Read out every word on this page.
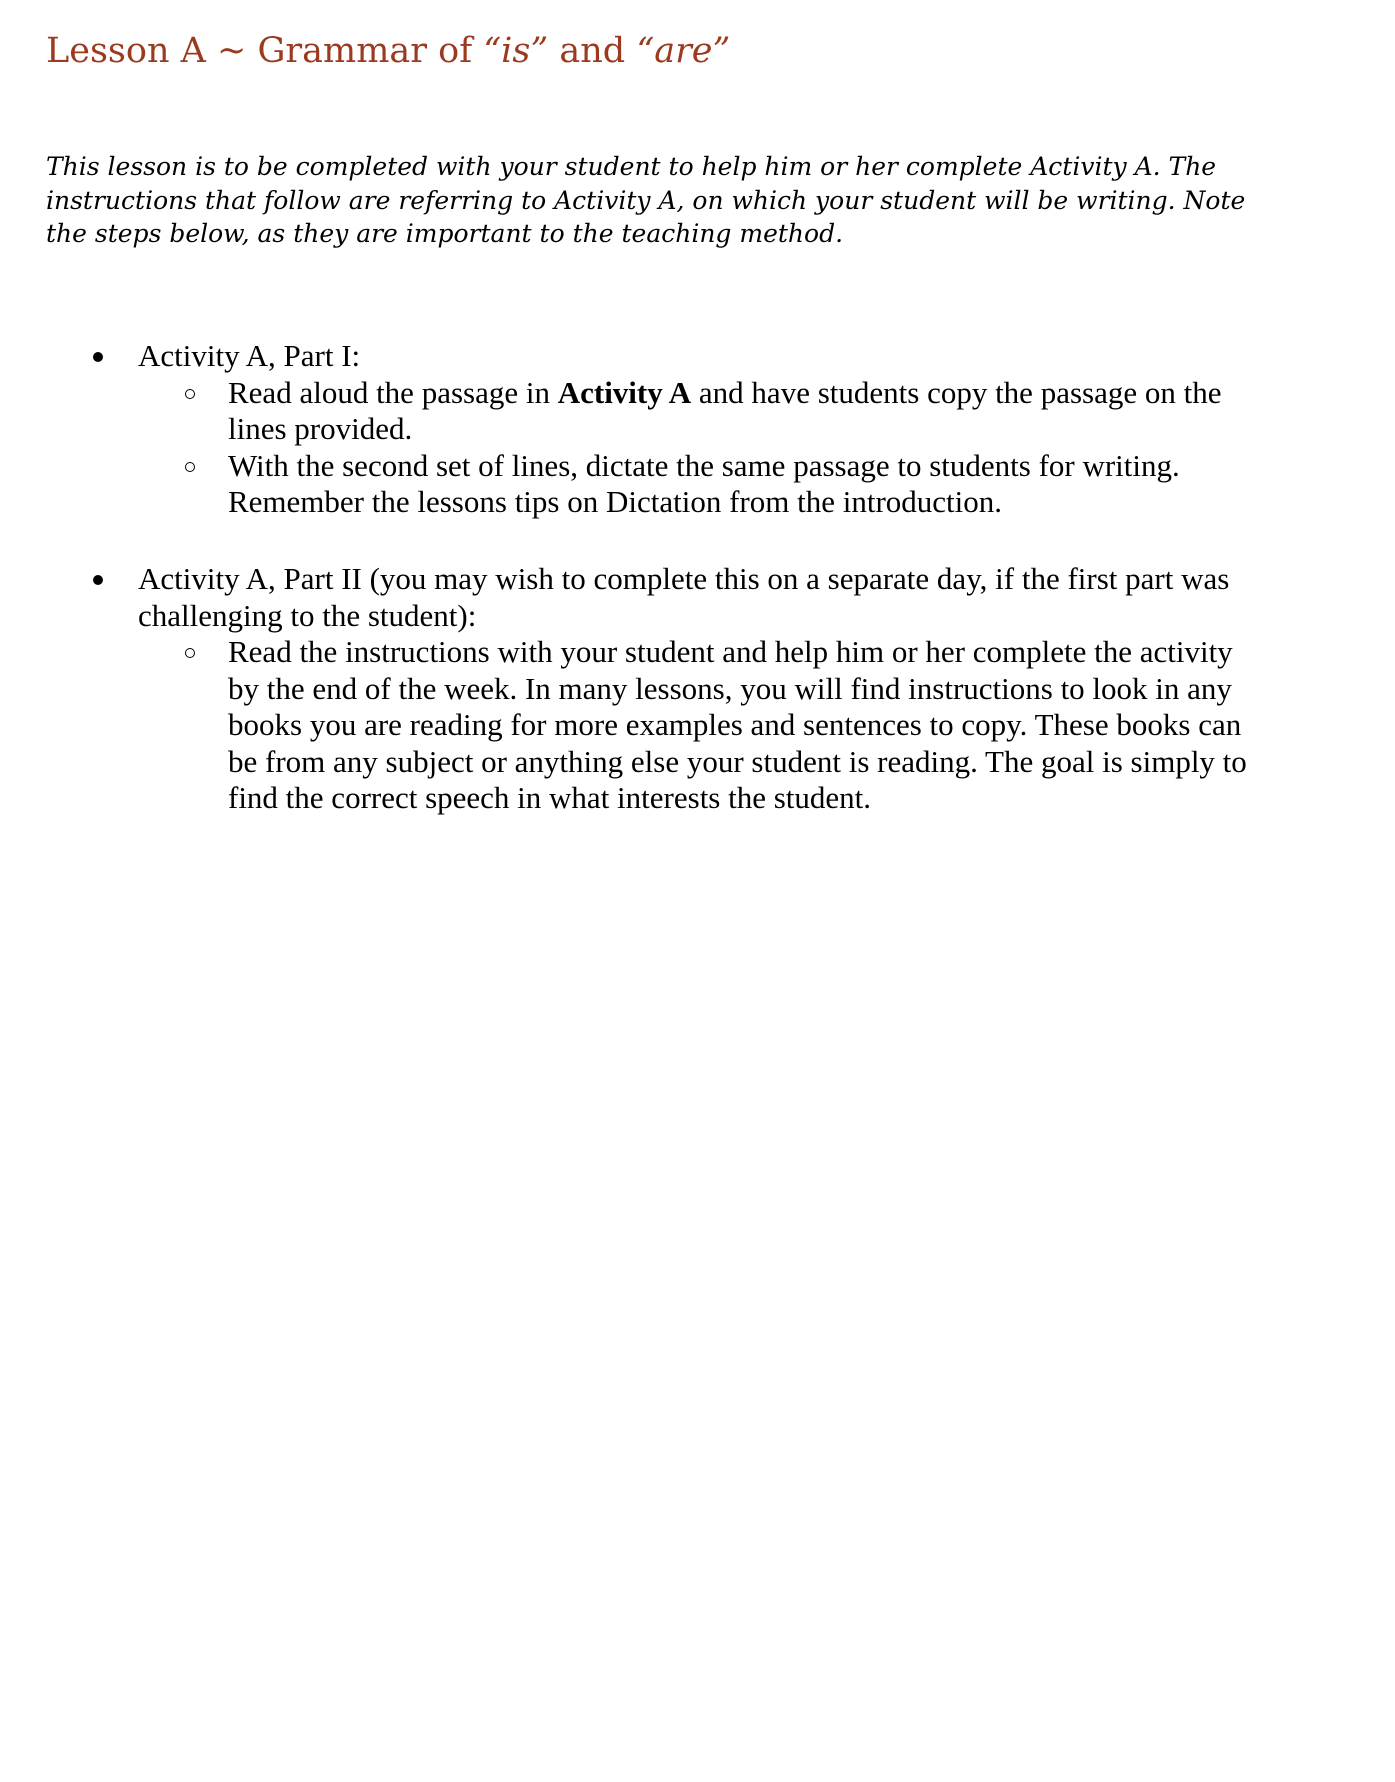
Lesson A ~ Grammar of “is” and “are”

This lesson is to be completed with your student to help him or her complete Activity A. The instructions that follow are referring to Activity A, on which your student will be writing. Note the steps below, as they are important to the teaching method.

Activity A, Part I:
Read aloud the passage in Activity A and have students copy the passage on the lines provided.
With the second set of lines, dictate the same passage to students for writing. Remember the lessons tips on Dictation from the introduction.
Activity A, Part II (you may wish to complete this on a separate day, if the first part was challenging to the student):
Read the instructions with your student and help him or her complete the activity by the end of the week. In many lessons, you will find instructions to look in any books you are reading for more examples and sentences to copy. These books can be from any subject or anything else your student is reading. The goal is simply to find the correct speech in what interests the student.
